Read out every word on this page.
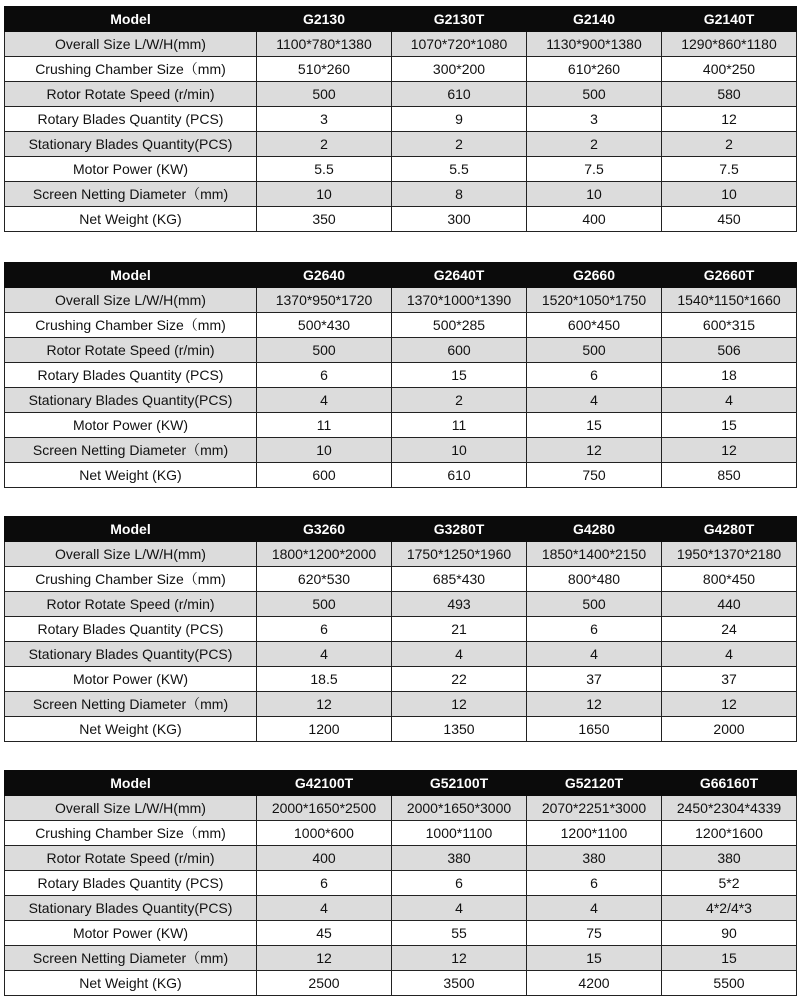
Model	G2130	G2130T	G2140	G2140T
Overall Size L/W/H(mm)	1100*780*1380	1070*720*1080	1130*900*1380	1290*860*1180
Crushing Chamber Size（mm)	510*260	300*200	610*260	400*250
Rotor Rotate Speed (r/min)	500	610	500	580
Rotary Blades Quantity (PCS)	3	9	3	12
Stationary Blades Quantity(PCS)	2	2	2	2
Motor Power (KW)	5.5	5.5	7.5	7.5
Screen Netting Diameter（mm)	10	8	10	10
Net Weight (KG)	350	300	400	450
Model	G2640	G2640T	G2660	G2660T
Overall Size L/W/H(mm)	1370*950*1720	1370*1000*1390	1520*1050*1750	1540*1150*1660
Crushing Chamber Size（mm)	500*430	500*285	600*450	600*315
Rotor Rotate Speed (r/min)	500	600	500	506
Rotary Blades Quantity (PCS)	6	15	6	18
Stationary Blades Quantity(PCS)	4	2	4	4
Motor Power (KW)	11	11	15	15
Screen Netting Diameter（mm)	10	10	12	12
Net Weight (KG)	600	610	750	850
Model	G3260	G3280T	G4280	G4280T
Overall Size L/W/H(mm)	1800*1200*2000	1750*1250*1960	1850*1400*2150	1950*1370*2180
Crushing Chamber Size（mm)	620*530	685*430	800*480	800*450
Rotor Rotate Speed (r/min)	500	493	500	440
Rotary Blades Quantity (PCS)	6	21	6	24
Stationary Blades Quantity(PCS)	4	4	4	4
Motor Power (KW)	18.5	22	37	37
Screen Netting Diameter（mm)	12	12	12	12
Net Weight (KG)	1200	1350	1650	2000
Model	G42100T	G52100T	G52120T	G66160T
Overall Size L/W/H(mm)	2000*1650*2500	2000*1650*3000	2070*2251*3000	2450*2304*4339
Crushing Chamber Size（mm)	1000*600	1000*1100	1200*1100	1200*1600
Rotor Rotate Speed (r/min)	400	380	380	380
Rotary Blades Quantity (PCS)	6	6	6	5*2
Stationary Blades Quantity(PCS)	4	4	4	4*2/4*3
Motor Power (KW)	45	55	75	90
Screen Netting Diameter（mm)	12	12	15	15
Net Weight (KG)	2500	3500	4200	5500
